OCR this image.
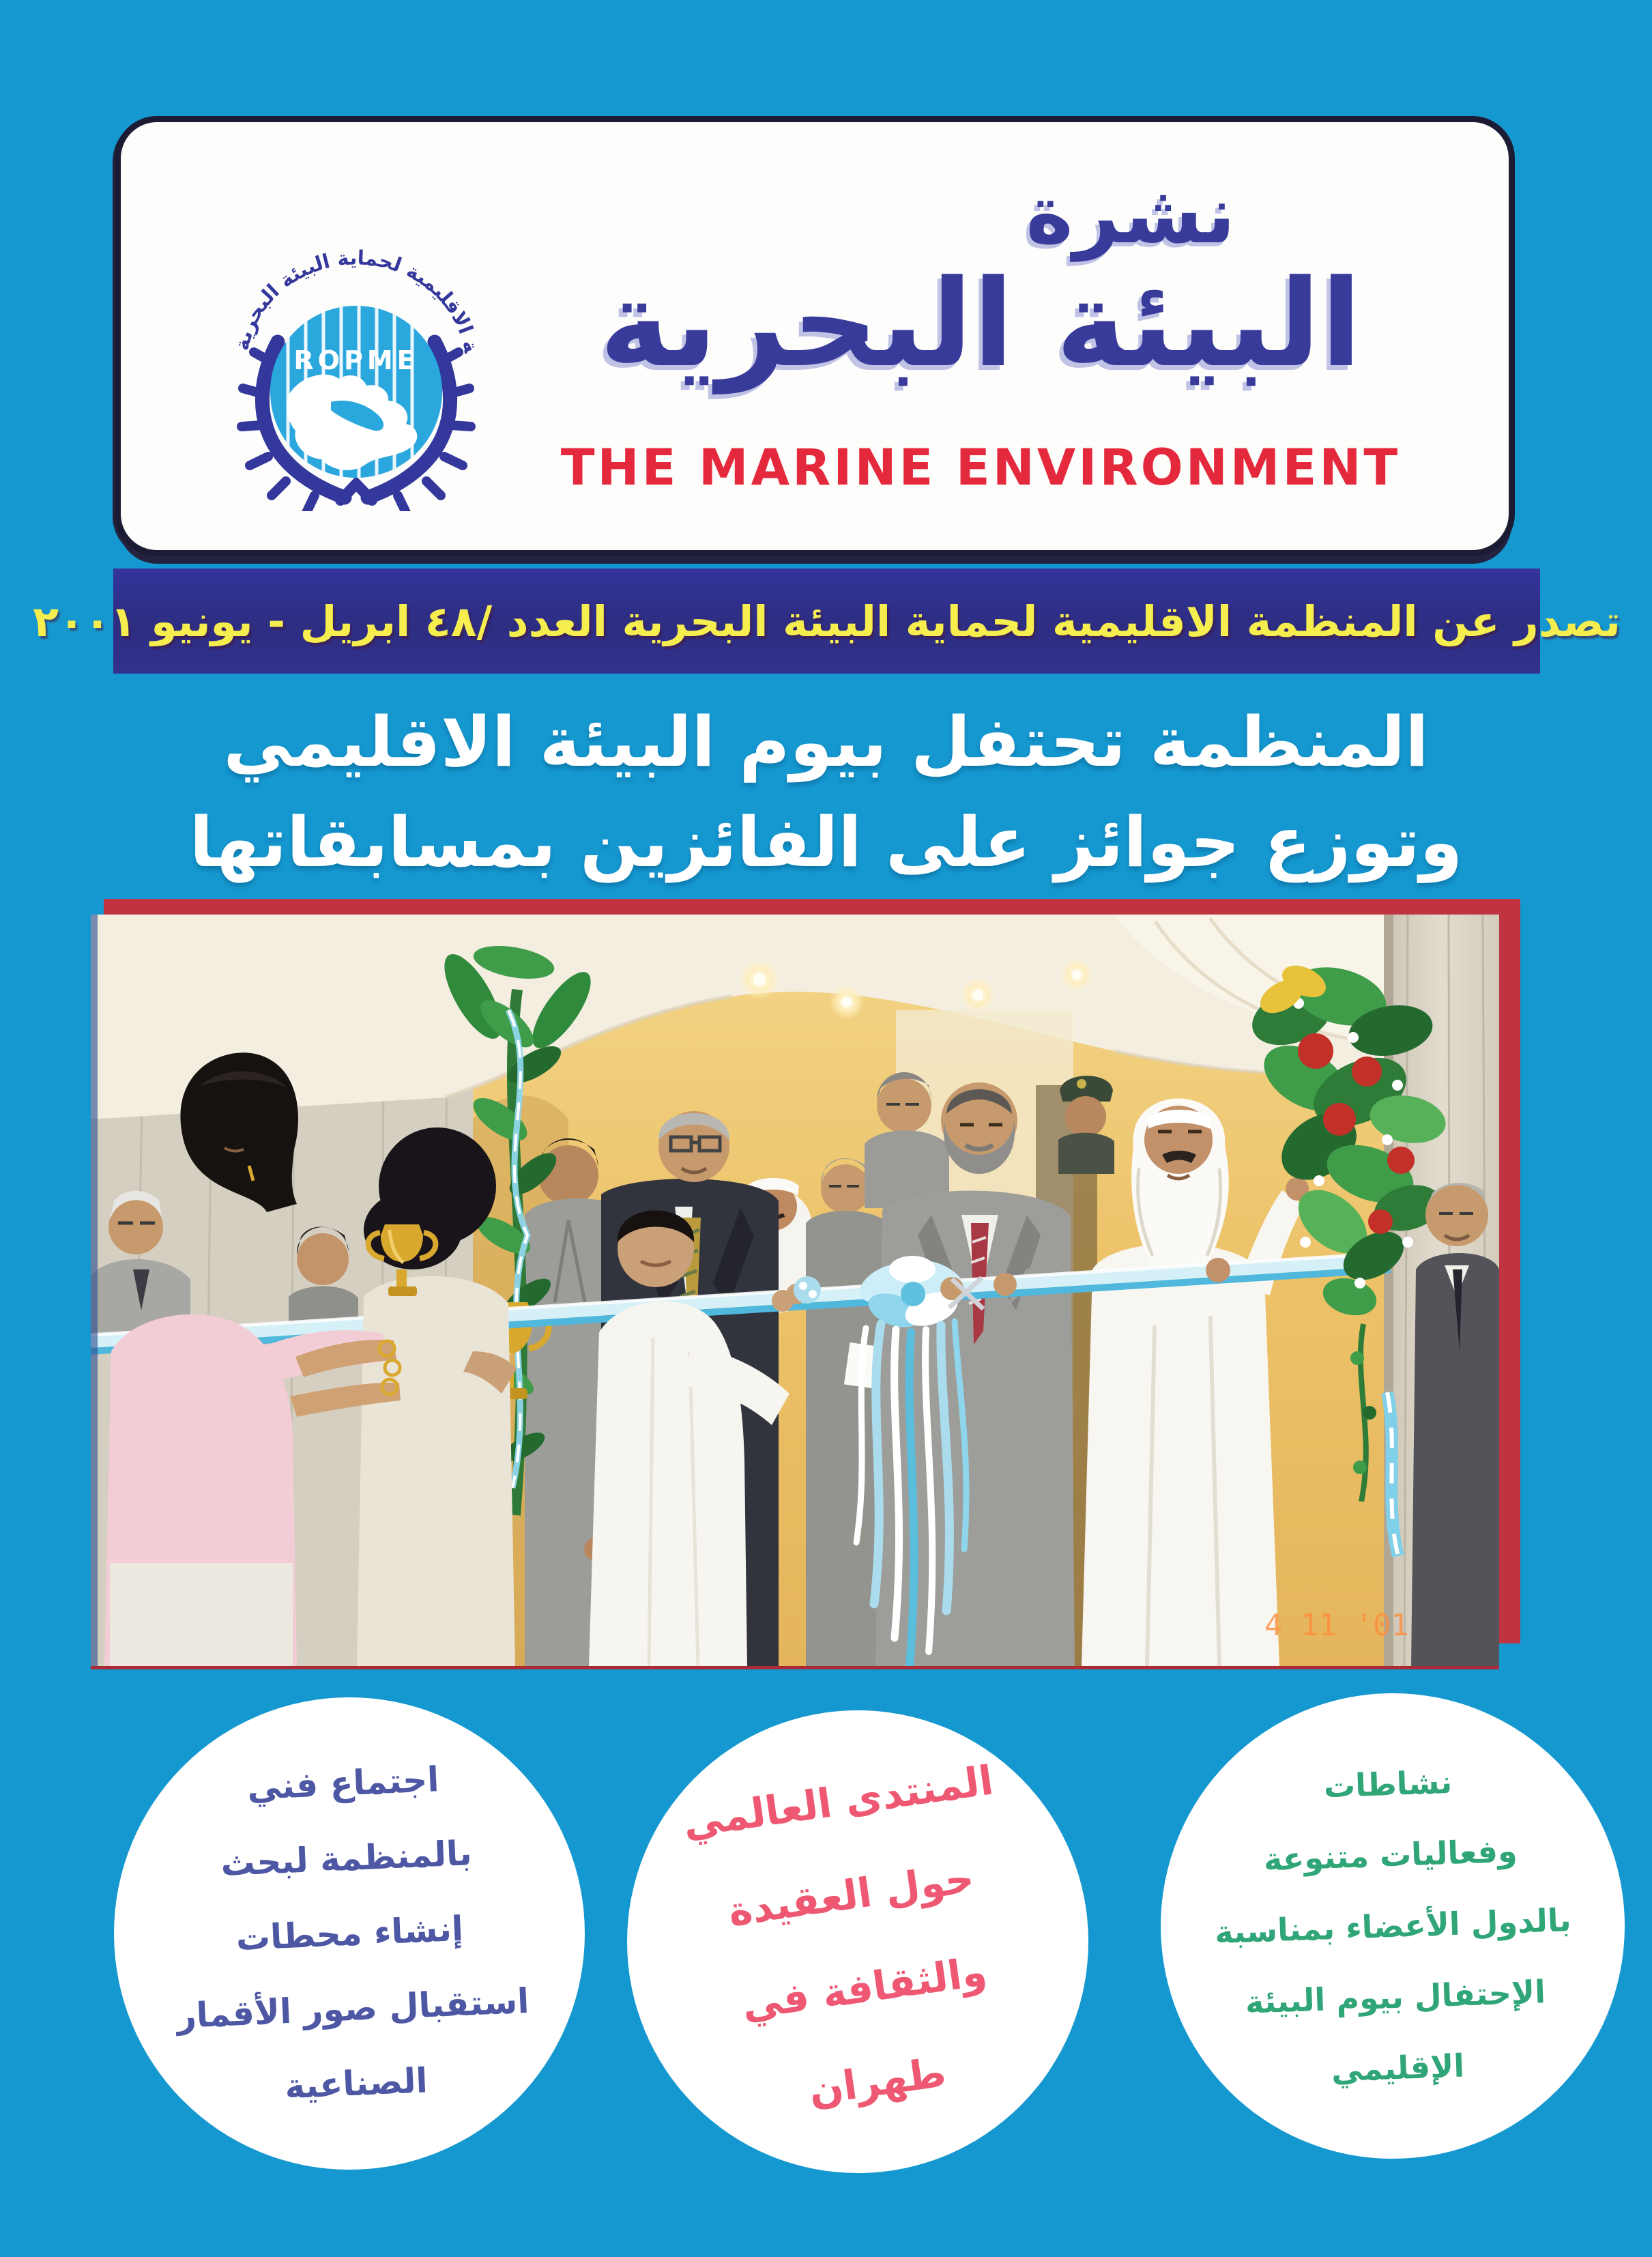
ة الاقليمية لحماية البيئة البحرية
ROPME
نشرة
البيئة البحرية
THE MARINE ENVIRONMENT
تصدر عن المنظمة الاقليمية لحماية البيئة البحرية العدد /٤٨ ابريل - يونيو ٢٠٠١
المنظمة تحتفل بيوم البيئة الاقليمي
وتوزع جوائز على الفائزين بمسابقاتها
4 11 '01
اجتماع فني
بالمنظمة لبحث
إنشاء محطات
استقبال صور الأقمار
الصناعية
المنتدى العالمي
حول العقيدة
والثقافة في
طهران
نشاطات
وفعاليات متنوعة
بالدول الأعضاء بمناسبة
الإحتفال بيوم البيئة
الإقليمي
